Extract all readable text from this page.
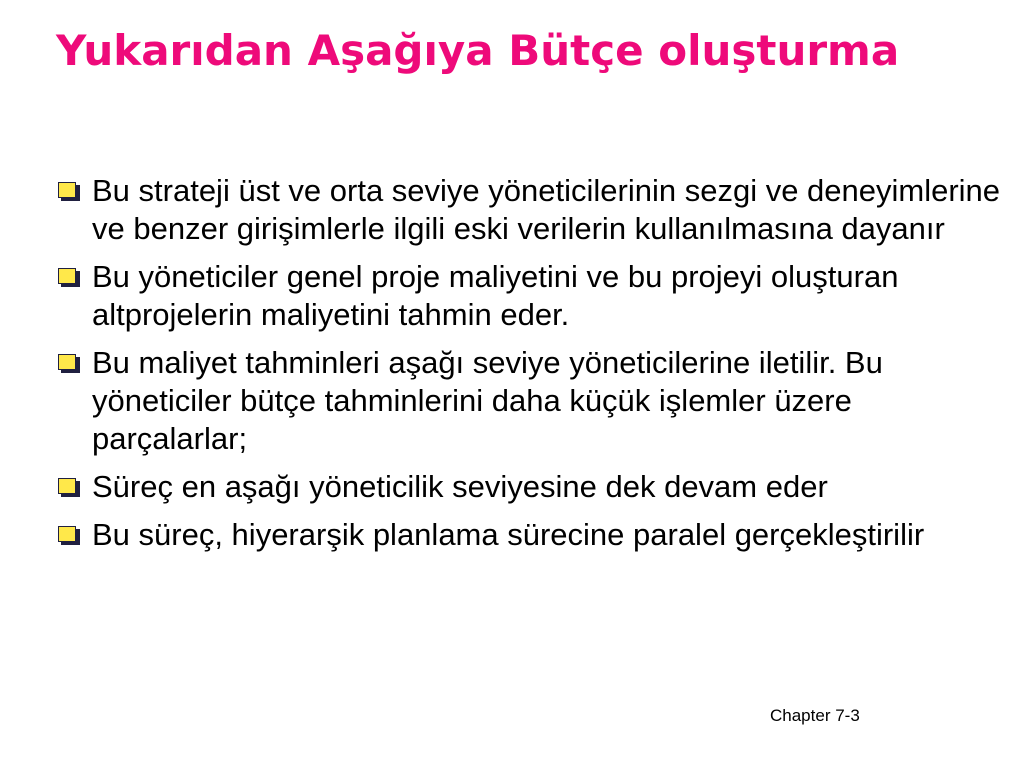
Yukarıdan Aşağıya Bütçe oluşturma
Bu strateji üst ve orta seviye yöneticilerinin sezgi ve deneyimlerine ve benzer girişimlerle ilgili eski verilerin kullanılmasına dayanır
Bu yöneticiler genel proje maliyetini ve bu projeyi oluşturan altprojelerin maliyetini tahmin eder.
Bu maliyet tahminleri aşağı seviye yöneticilerine iletilir. Bu yöneticiler bütçe tahminlerini daha küçük işlemler üzere parçalarlar;
Süreç en aşağı yöneticilik seviyesine dek devam eder
Bu süreç, hiyerarşik planlama sürecine paralel gerçekleştirilir
Chapter 7-3
